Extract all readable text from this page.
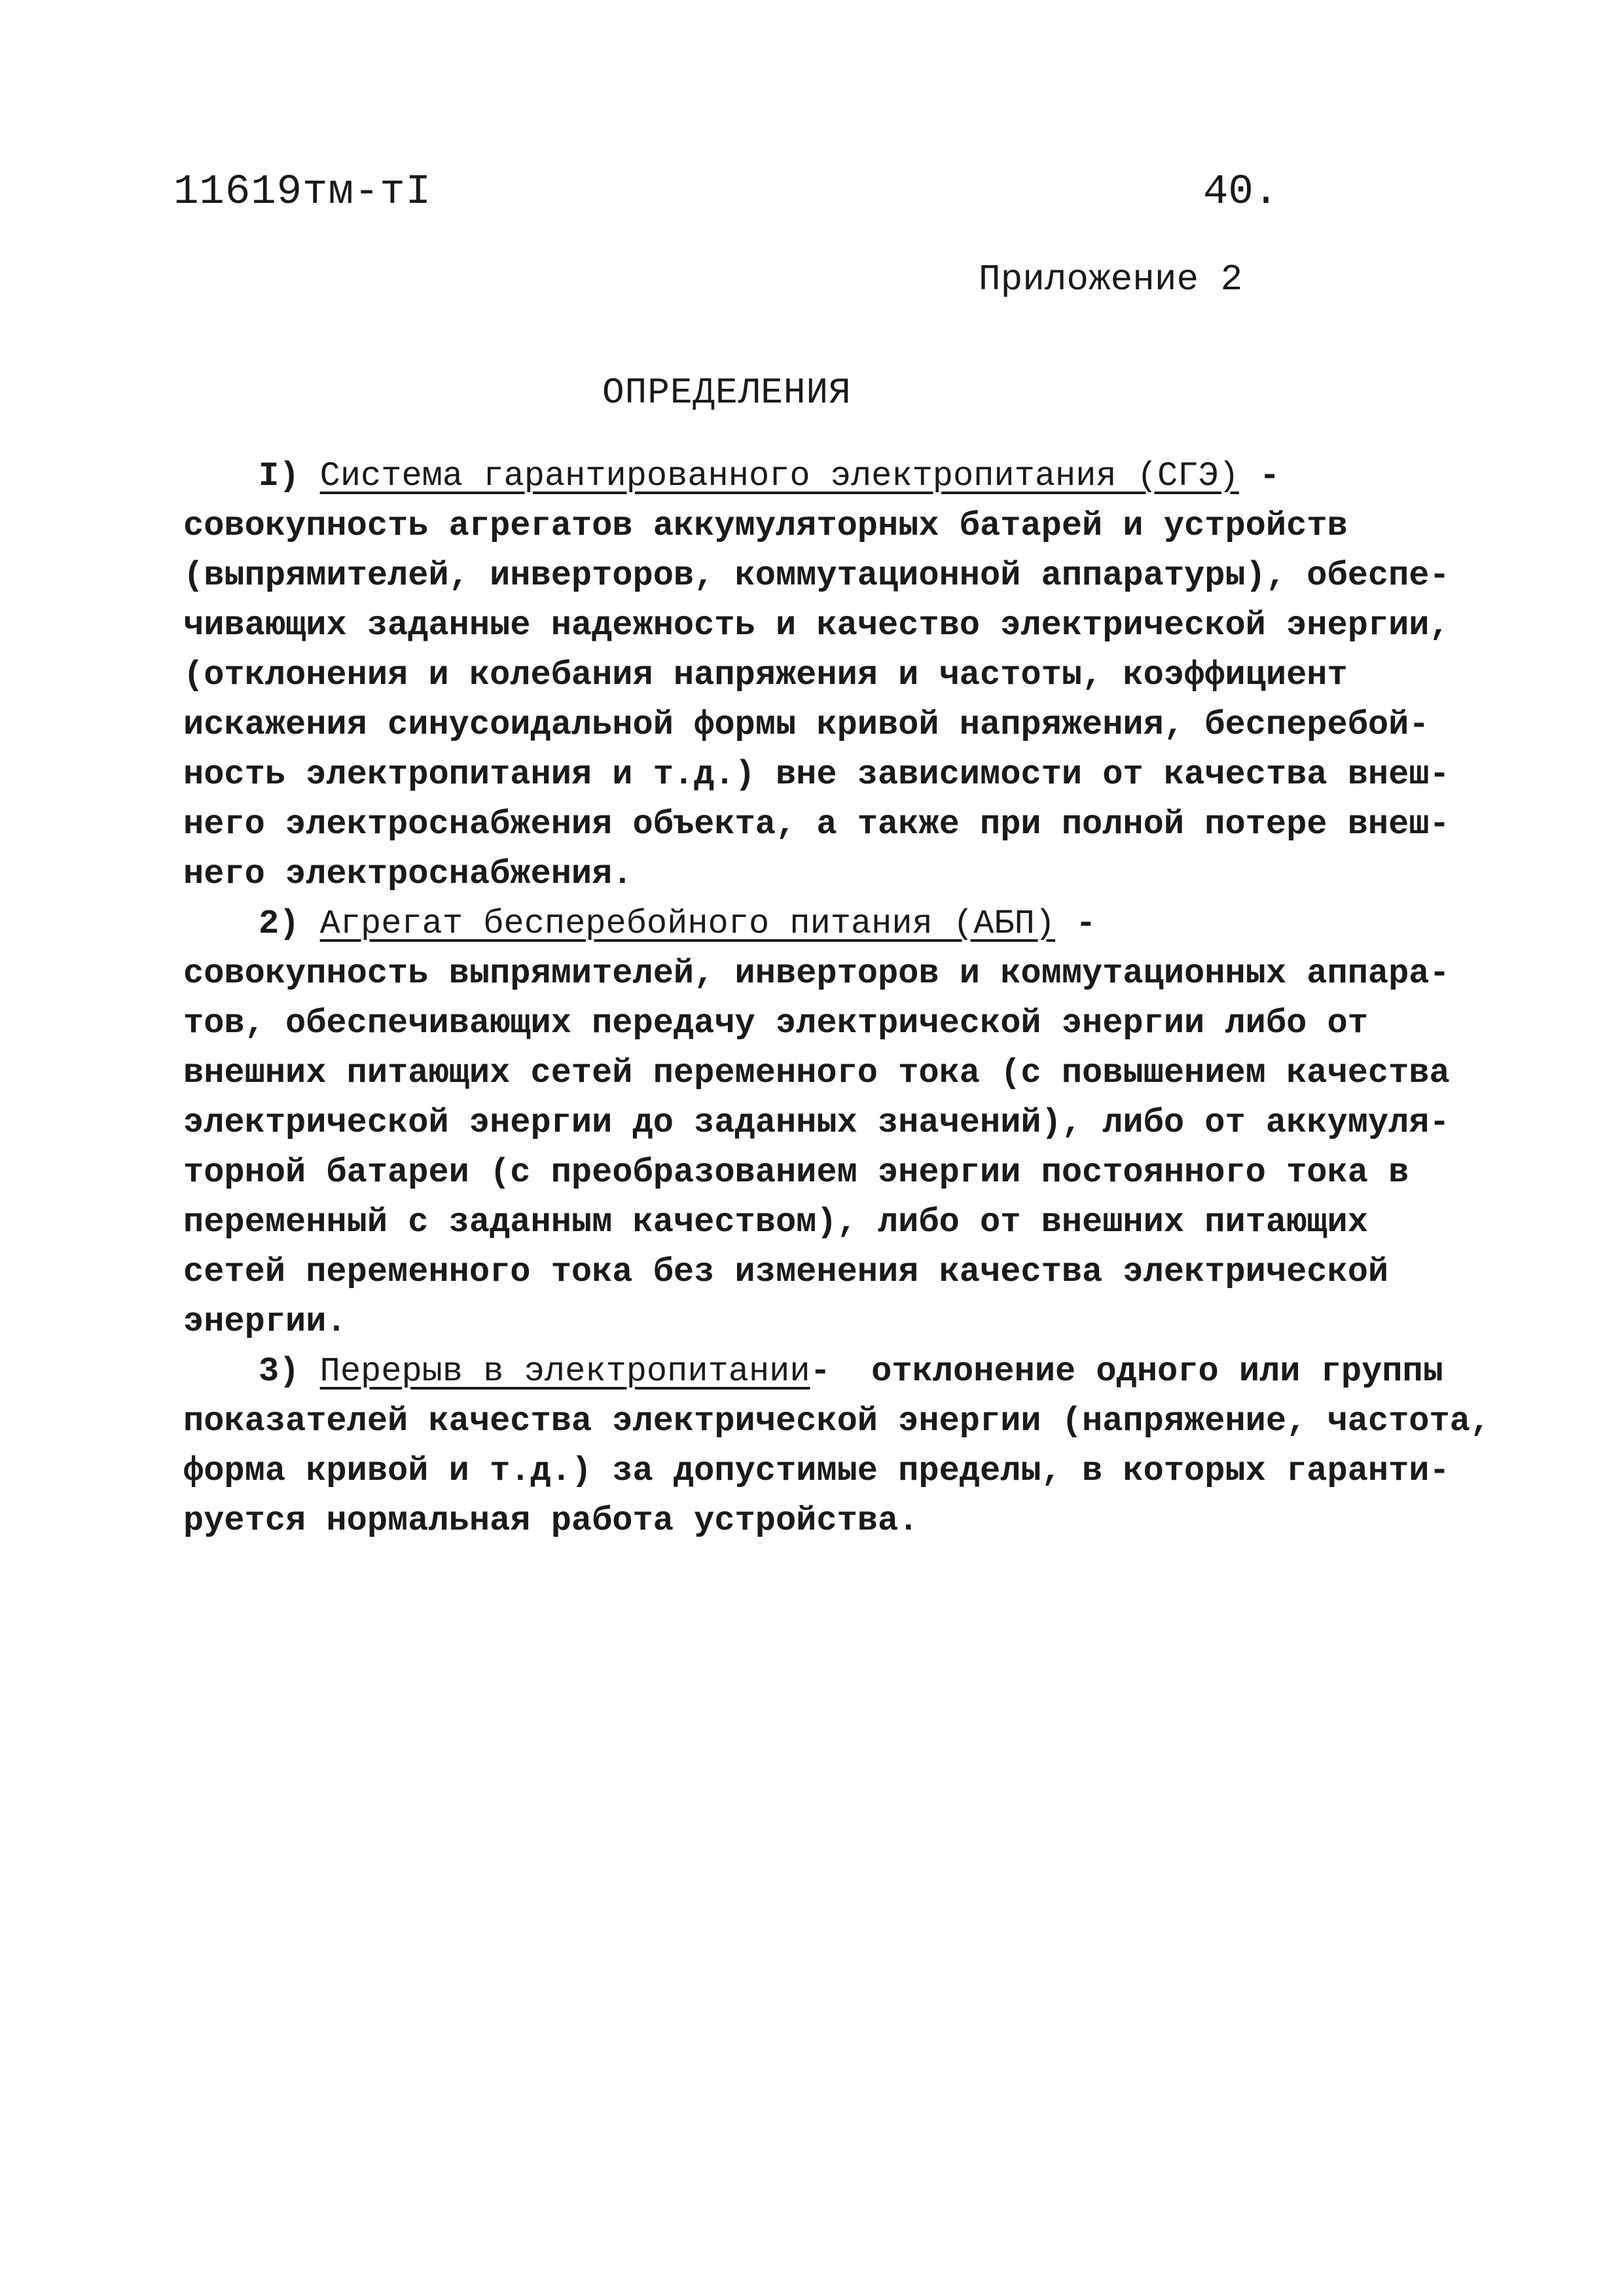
11619тм-тI	40.
Приложение 2
ОПРЕДЕЛЕНИЯ
I) Система гарантированного электропитания (СГЭ) -
совокупность агрегатов аккумуляторных батарей и устройств
(выпрямителей, инверторов, коммутационной аппаратуры), обеспе-
чивающих заданные надежность и качество электрической энергии,
(отклонения и колебания напряжения и частоты, коэффициент
искажения синусоидальной формы кривой напряжения, бесперебой-
ность электропитания и т.д.) вне зависимости от качества внеш-
него электроснабжения объекта, а также при полной потере внеш-
него электроснабжения.
2) Агрегат бесперебойного питания (АБП) -
совокупность выпрямителей, инверторов и коммутационных аппара-
тов, обеспечивающих передачу электрической энергии либо от
внешних питающих сетей переменного тока (с повышением качества
электрической энергии до заданных значений), либо от аккумуля-
торной батареи (с преобразованием энергии постоянного тока в
переменный с заданным качеством), либо от внешних питающих
сетей переменного тока без изменения качества электрической
энергии.
3) Перерыв в электропитании-  отклонение одного или группы
показателей качества электрической энергии (напряжение, частота,
форма кривой и т.д.) за допустимые пределы, в которых гаранти-
руется нормальная работа устройства.
